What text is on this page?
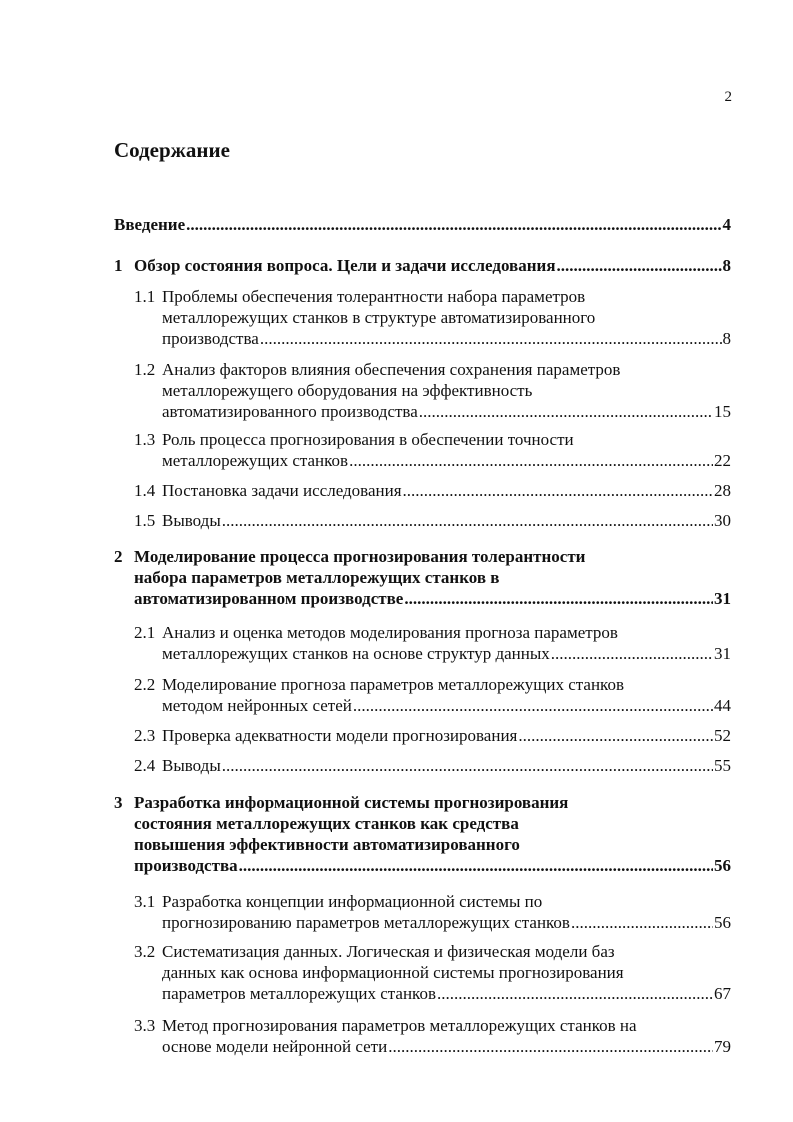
2
Содержание
Введение .....	4
1 Обзор состояния вопроса. Цели и задачи исследования .....	8
1.1 Проблемы обеспечения толерантности набора параметров
металлорежущих станков в структуре автоматизированного
производства .....	8
1.2 Анализ факторов влияния обеспечения сохранения параметров
металлорежущего оборудования на эффективность
автоматизированного производства .....	15
1.3 Роль процесса прогнозирования в обеспечении точности
металлорежущих станков .....	22
1.4 Постановка задачи исследования .....	28
1.5 Выводы .....	30
2 Моделирование процесса прогнозирования толерантности
набора параметров металлорежущих станков в
автоматизированном производстве .....	31
2.1 Анализ и оценка методов моделирования прогноза параметров
металлорежущих станков на основе структур данных .....	31
2.2 Моделирование прогноза параметров металлорежущих станков
методом нейронных сетей .....	44
2.3 Проверка адекватности модели прогнозирования .....	52
2.4 Выводы .....	55
3 Разработка информационной системы прогнозирования
состояния металлорежущих станков как средства
повышения эффективности автоматизированного
производства .....	56
3.1 Разработка концепции информационной системы по
прогнозированию параметров металлорежущих станков .....	56
3.2 Систематизация данных. Логическая и физическая модели баз
данных как основа информационной системы прогнозирования
параметров металлорежущих станков .....	67
3.3 Метод прогнозирования параметров металлорежущих станков на
основе модели нейронной сети .....	79
